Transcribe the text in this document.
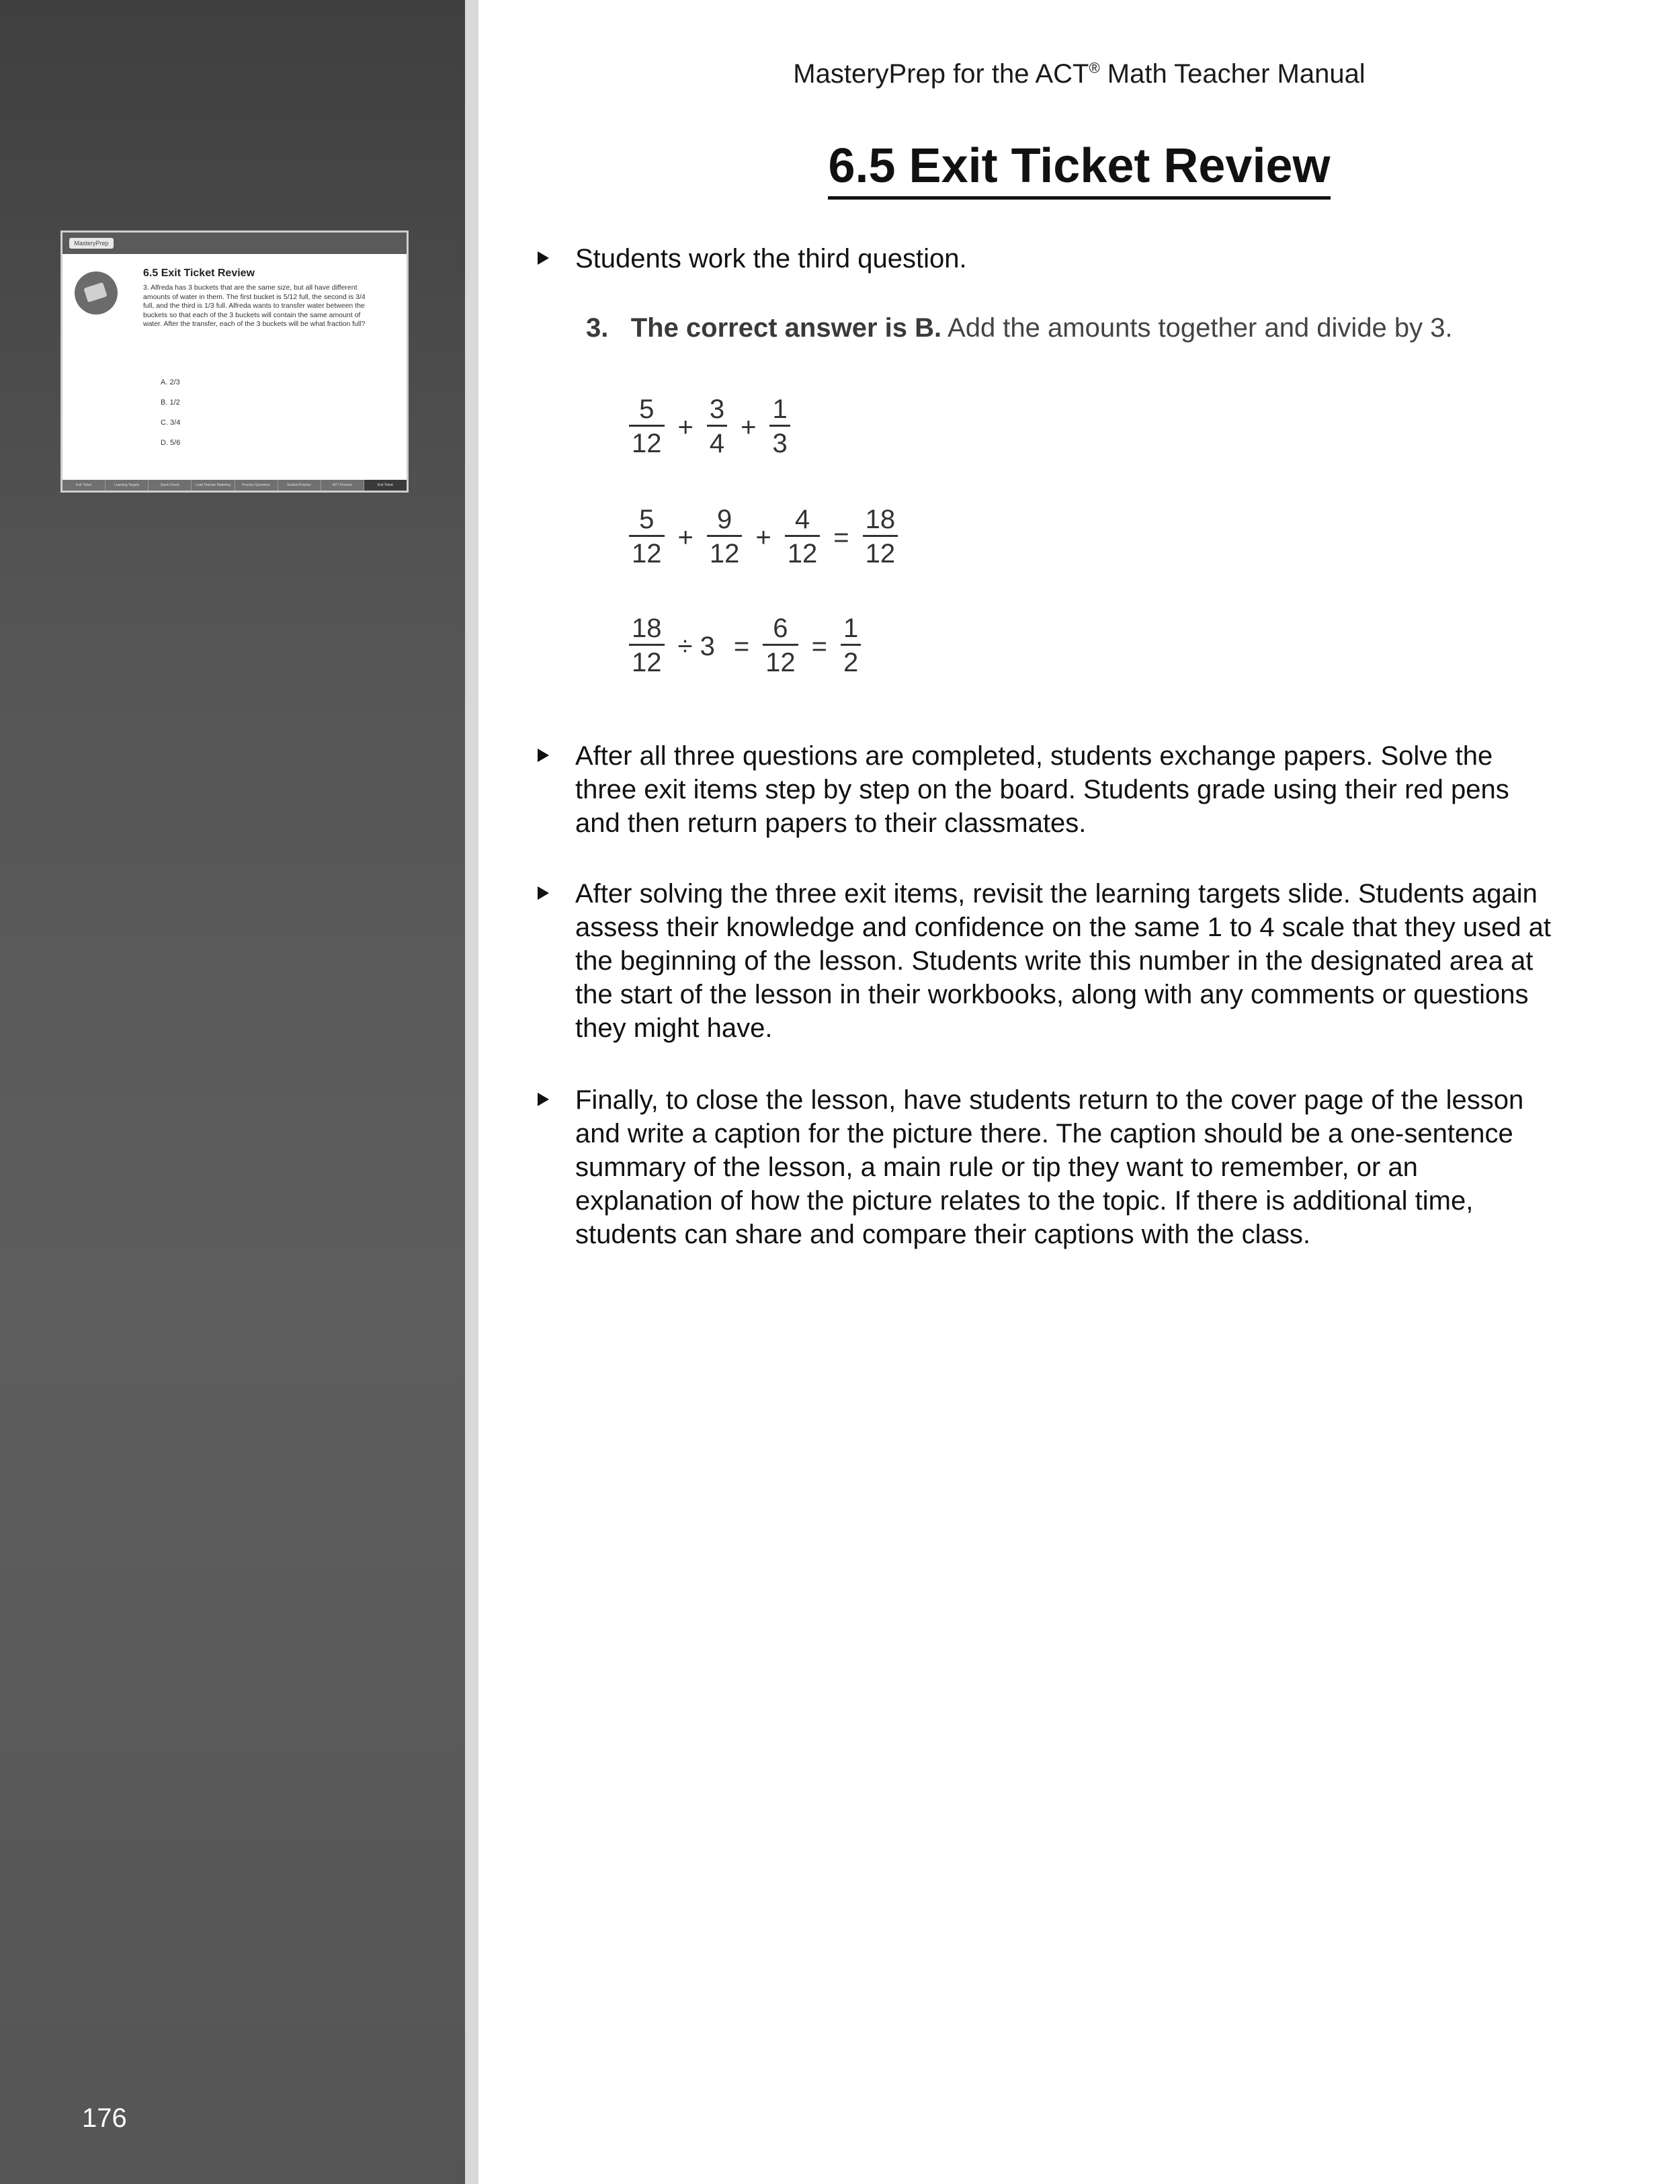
MasteryPrep
6.5 Exit Ticket Review
3. Alfreda has 3 buckets that are the same size, but all have different amounts of water in them. The first bucket is 5/12 full, the second is 3/4 full, and the third is 1/3 full. Alfreda wants to transfer water between the buckets so that each of the 3 buckets will contain the same amount of water. After the transfer, each of the 3 buckets will be what fraction full?
A. 2/3
B. 1/2
C. 3/4
D. 5/6
Exit Ticket	Learning Targets	Quick Check	Lead Teacher Modeling	Practice Questions	Guided Practice	ACT Practice	Exit Ticket
176
MasteryPrep for the ACT® Math Teacher Manual
6.5 Exit Ticket Review
Students work the third question.
3. The correct answer is B. Add the amounts together and divide by 3.
$\frac{5}{12} + \frac{3}{4} + \frac{1}{3}$
$\frac{5}{12} + \frac{9}{12} + \frac{4}{12} = \frac{18}{12}$
$\frac{18}{12} \div 3 = \frac{6}{12} = \frac{1}{2}$
After all three questions are completed, students exchange papers. Solve the three exit items step by step on the board. Students grade using their red pens and then return papers to their classmates.
After solving the three exit items, revisit the learning targets slide. Students again assess their knowledge and confidence on the same 1 to 4 scale that they used at the beginning of the lesson. Students write this number in the designated area at the start of the lesson in their workbooks, along with any comments or questions they might have.
Finally, to close the lesson, have students return to the cover page of the lesson and write a caption for the picture there. The caption should be a one-sentence summary of the lesson, a main rule or tip they want to remember, or an explanation of how the picture relates to the topic. If there is additional time, students can share and compare their captions with the class.
